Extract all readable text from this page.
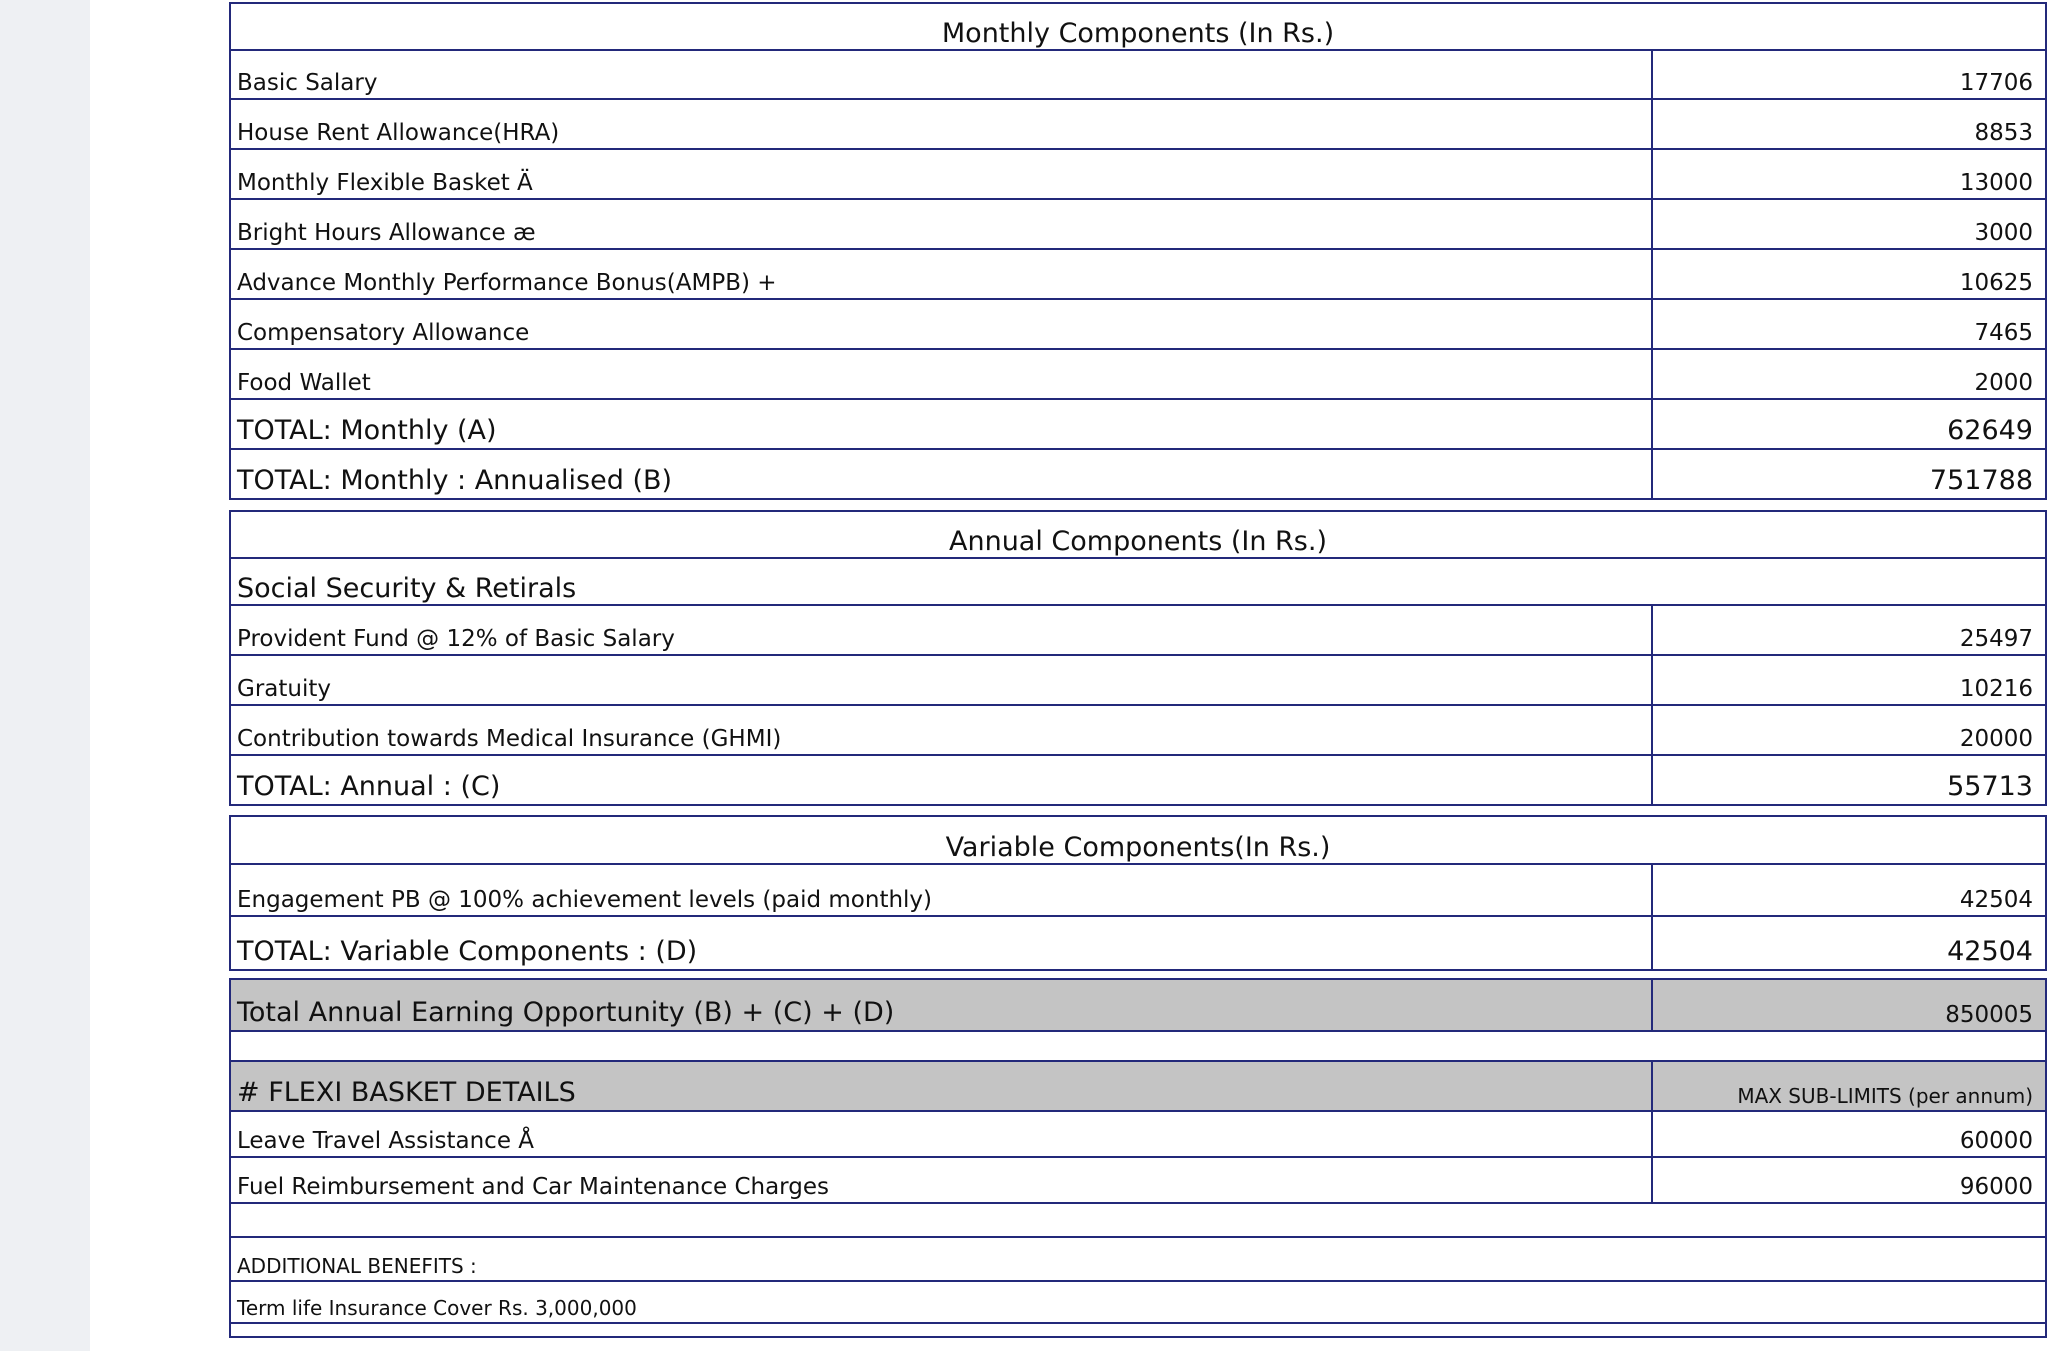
Monthly Components (In Rs.)
Basic Salary	17706
House Rent Allowance(HRA)	8853
Monthly Flexible Basket Ä	13000
Bright Hours Allowance æ	3000
Advance Monthly Performance Bonus(AMPB) +	10625
Compensatory Allowance	7465
Food Wallet	2000
TOTAL: Monthly (A)	62649
TOTAL: Monthly : Annualised (B)	751788
Annual Components (In Rs.)
Social Security & Retirals
Provident Fund @ 12% of Basic Salary	25497
Gratuity	10216
Contribution towards Medical Insurance (GHMI)	20000
TOTAL: Annual : (C)	55713
Variable Components(In Rs.)
Engagement PB @ 100% achievement levels (paid monthly)	42504
TOTAL: Variable Components : (D)	42504
Total Annual Earning Opportunity (B) + (C) + (D)	850005
# FLEXI BASKET DETAILS	MAX SUB-LIMITS (per annum)
Leave Travel Assistance Å	60000
Fuel Reimbursement and Car Maintenance Charges	96000
ADDITIONAL BENEFITS :
Term life Insurance Cover Rs. 3,000,000
